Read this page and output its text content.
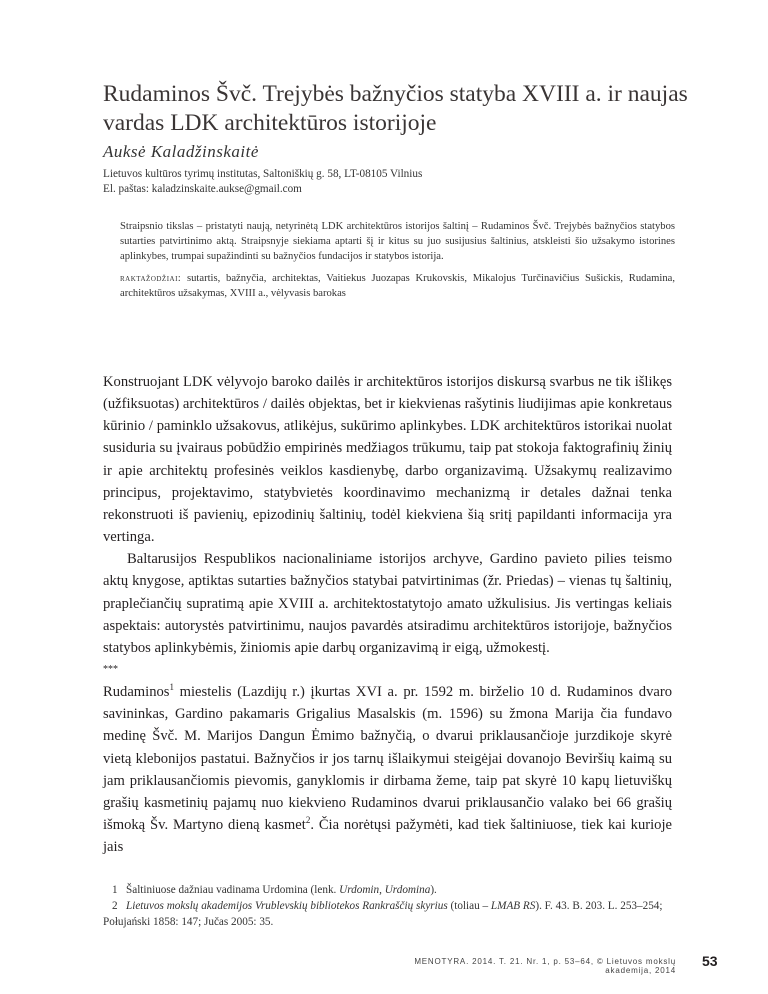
Rudaminos Švč. Trejybės bažnyčios statyba XVIII a. ir naujas vardas LDK architektūros istorijoje
Auksė Kaladžinskaitė
Lietuvos kultūros tyrimų institutas, Saltoniškių g. 58, LT-08105 Vilnius
El. paštas: kaladzinskaite.aukse@gmail.com

Straipsnio tikslas – pristatyti naują, netyrinėtą LDK architektūros istorijos šaltinį – Rudaminos Švč. Trejybės bažnyčios statybos sutarties patvirtinimo aktą. Straipsnyje siekiama aptarti šį ir kitus su juo susijusius šaltinius, atskleisti šio užsakymo istorines aplinkybes, trumpai supažindinti su bažnyčios fundacijos ir statybos istorija.

raktažodžiai: sutartis, bažnyčia, architektas, Vaitiekus Juozapas Krukovskis, Mikalojus Turčinavičius Sušickis, Rudamina, architektūros užsakymas, XVIII a., vėlyvasis barokas

Konstruojant LDK vėlyvojo baroko dailės ir architektūros istorijos diskursą svarbus ne tik išlikęs (užfiksuotas) architektūros / dailės objektas, bet ir kiekvienas rašytinis liudijimas apie konkretaus kūrinio / paminklo užsakovus, atlikėjus, sukūrimo aplinkybes. LDK architektūros istorikai nuolat susiduria su įvairaus pobūdžio empirinės medžiagos trūkumu, taip pat stokoja faktografinių žinių ir apie architektų profesinės veiklos kasdienybę, darbo organizavimą. Užsakymų realizavimo principus, projektavimo, statybvietės koordinavimo mechanizmą ir detales dažnai tenka rekonstruoti iš pavienių, epizodinių šaltinių, todėl kiekviena šią sritį papildanti informacija yra vertinga.

Baltarusijos Respublikos nacionaliniame istorijos archyve, Gardino pavieto pilies teismo aktų knygose, aptiktas sutarties bažnyčios statybai patvirtinimas (žr. Priedas) – vienas tų šaltinių, praplečiančių supratimą apie XVIII a. architektostatytojo amato užkulisius. Jis vertingas keliais aspektais: autorystės patvirtinimu, naujos pavardės atsiradimu architektūros istorijoje, bažnyčios statybos aplinkybėmis, žiniomis apie darbų organizavimą ir eigą, užmokestį.

***

Rudaminos$^1$ miestelis (Lazdijų r.) įkurtas XVI a. pr. 1592 m. birželio 10 d. Rudaminos dvaro savininkas, Gardino pakamaris Grigalius Masalskis (m. 1596) su žmona Marija čia fundavo medinę Švč. M. Marijos Dangun Ėmimo bažnyčią, o dvarui priklausančioje jurzdikoje skyrė vietą klebonijos pastatui. Bažnyčios ir jos tarnų išlaikymui steigėjai dovanojo Beviršių kaimą su jam priklausančiomis pievomis, ganyklomis ir dirbama žeme, taip pat skyrė 10 kapų lietuviškų grašių kasmetinių pajamų nuo kiekvieno Rudaminos dvarui priklausančio valako bei 66 grašių išmoką Šv. Martyno dieną kasmet$^2$. Čia norėtųsi pažymėti, kad tiek šaltiniuose, tiek kai kurioje jais

1 Šaltiniuose dažniau vadinama Urdomina (lenk. Urdomin, Urdomina).

2 Lietuvos mokslų akademijos Vrublevskių bibliotekos Rankraščių skyrius (toliau – LMAB RS). F. 43. B. 203. L. 253–254; Połujański 1858: 147; Jučas 2005: 35.

MENOTYRA. 2014. T. 21. Nr. 1, p. 53–64, © Lietuvos mokslų akademija, 2014
53
